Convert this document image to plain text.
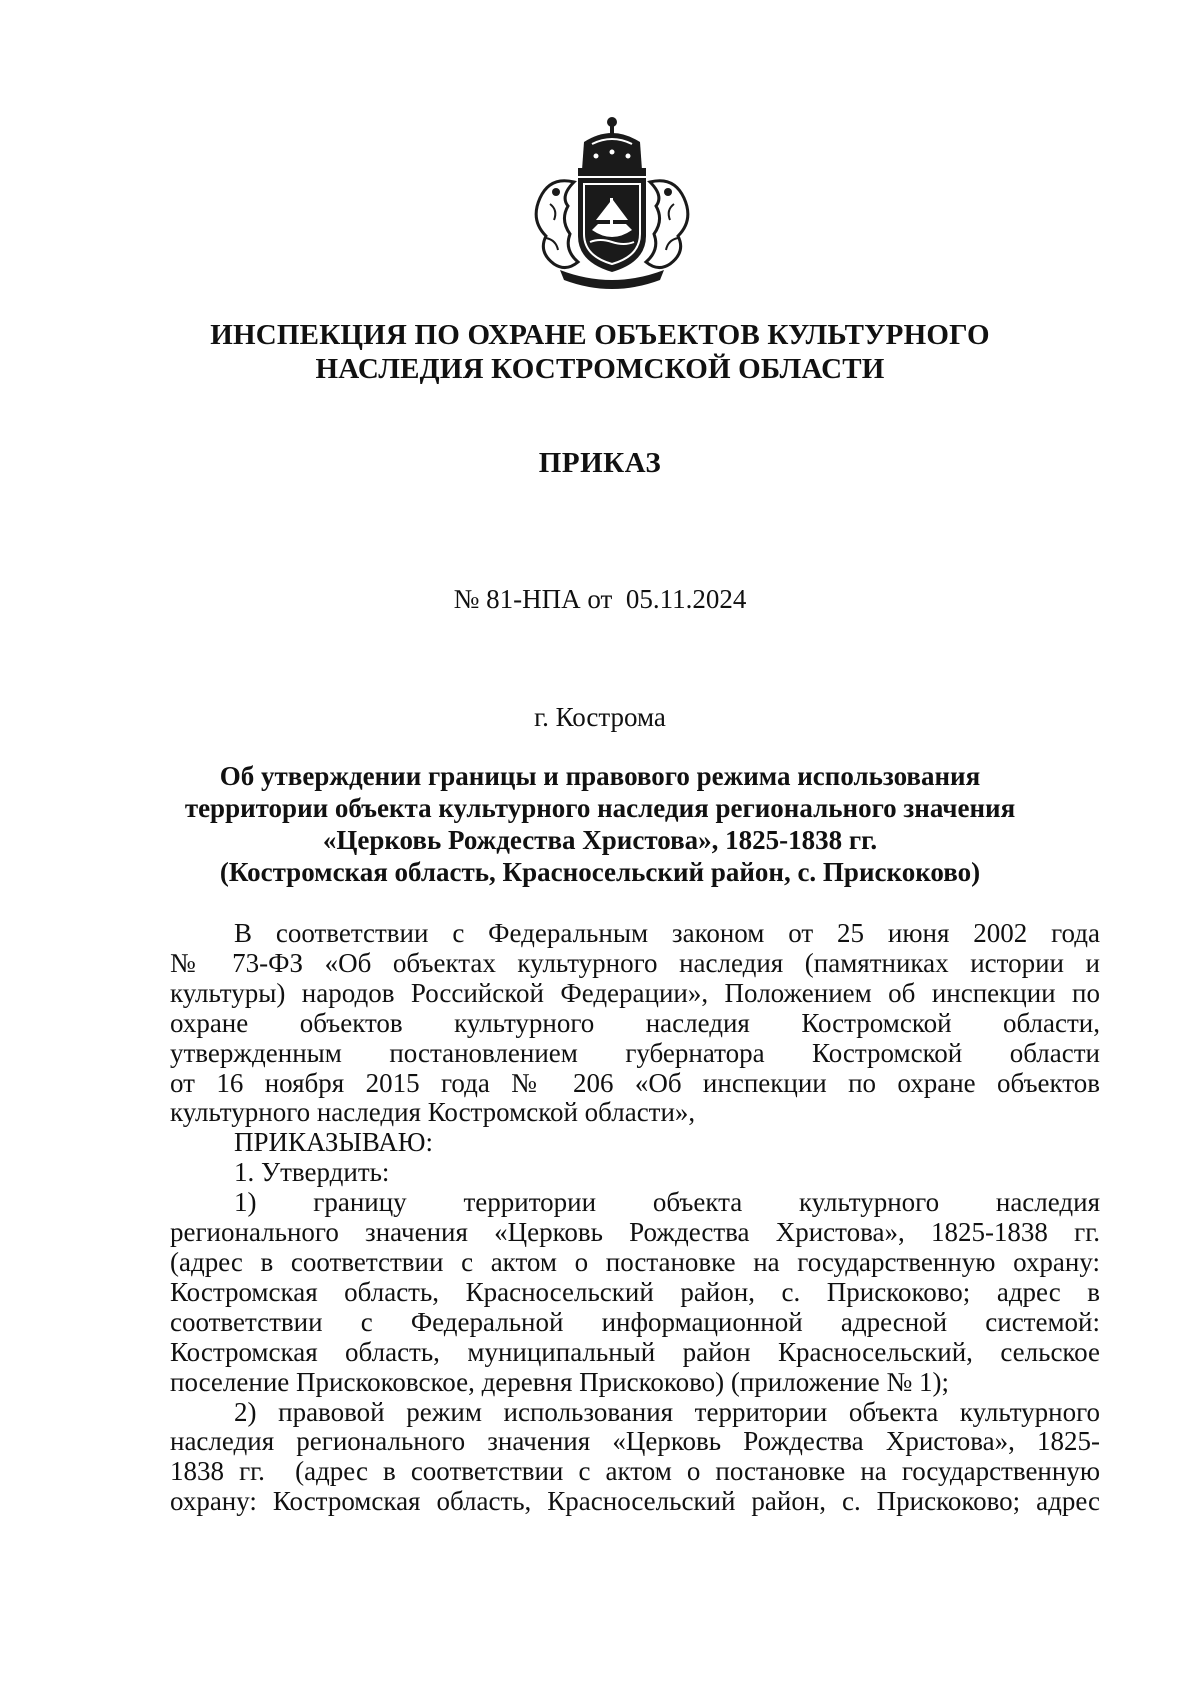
ИНСПЕКЦИЯ ПО ОХРАНЕ ОБЪЕКТОВ КУЛЬТУРНОГО
НАСЛЕДИЯ КОСТРОМСКОЙ ОБЛАСТИ
ПРИКАЗ
№ 81-НПА от  05.11.2024
г. Кострома
Об утверждении границы и правового режима использования
территории объекта культурного наследия регионального значения
«Церковь Рождества Христова», 1825-1838 гг.
(Костромская область, Красносельский район, с. Прискоково)
В соответствии с Федеральным законом от 25 июня 2002 года
№ 73-ФЗ «Об объектах культурного наследия (памятниках истории и
культуры) народов Российской Федерации», Положением об инспекции по
охране объектов культурного наследия Костромской области,
утвержденным постановлением губернатора Костромской области
от 16 ноября 2015 года № 206 «Об инспекции по охране объектов
культурного наследия Костромской области»,
ПРИКАЗЫВАЮ:
1. Утвердить:
1) границу территории объекта культурного наследия
регионального значения «Церковь Рождества Христова», 1825-1838 гг.
(адрес в соответствии с актом о постановке на государственную охрану:
Костромская область, Красносельский район, с. Прискоково; адрес в
соответствии с Федеральной информационной адресной системой:
Костромская область, муниципальный район Красносельский, сельское
поселение Прискоковское, деревня Прискоково) (приложение № 1);
2) правовой режим использования территории объекта культурного
наследия регионального значения «Церковь Рождества Христова», 1825-
1838 гг.  (адрес в соответствии с актом о постановке на государственную
охрану: Костромская область, Красносельский район, с. Прискоково; адрес
